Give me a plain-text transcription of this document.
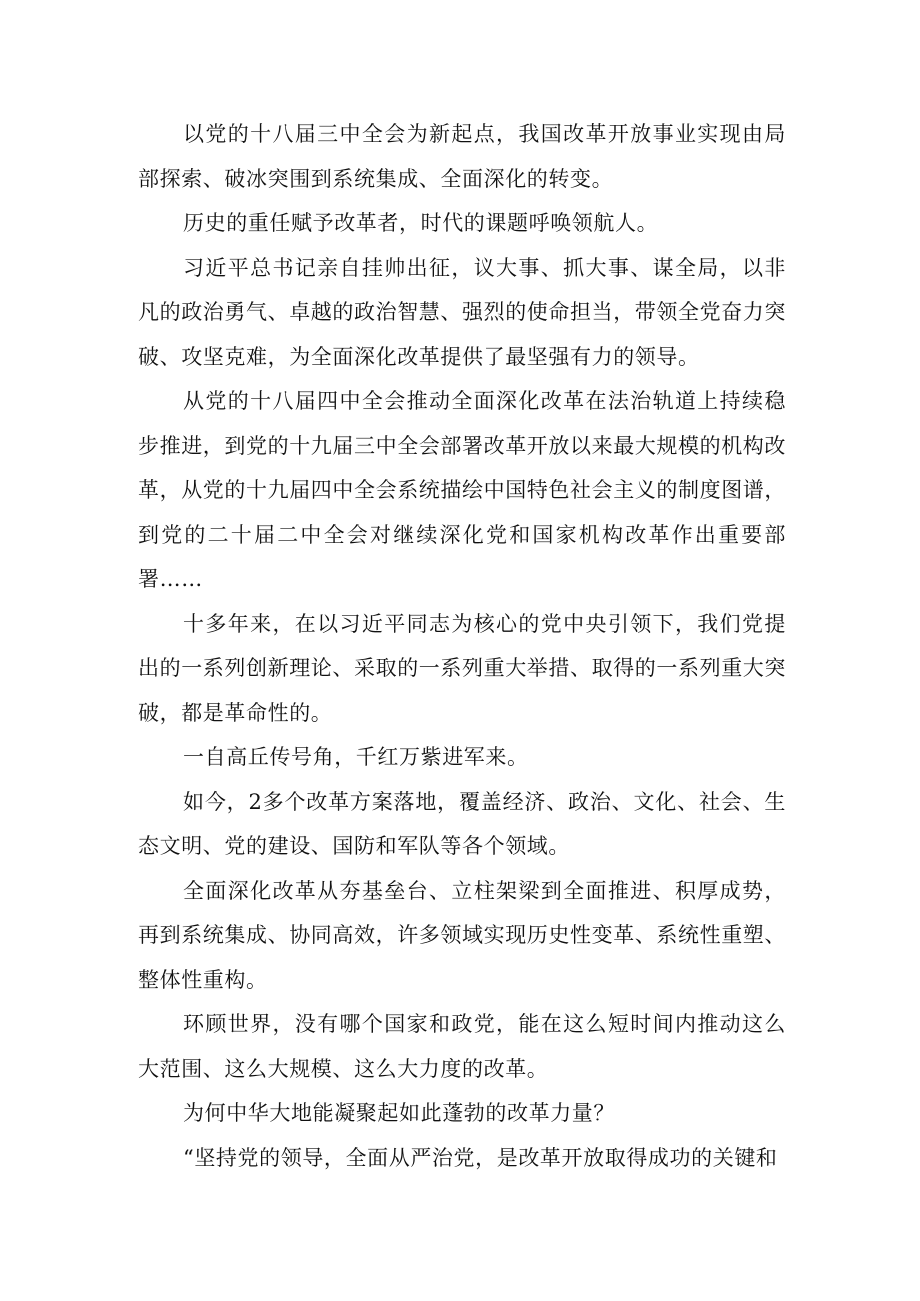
以党的十八届三中全会为新起点，我国改革开放事业实现由局部探索、破冰突围到系统集成、全面深化的转变。

历史的重任赋予改革者，时代的课题呼唤领航人。

习近平总书记亲自挂帅出征，议大事、抓大事、谋全局，以非凡的政治勇气、卓越的政治智慧、强烈的使命担当，带领全党奋力突破、攻坚克难，为全面深化改革提供了最坚强有力的领导。

从党的十八届四中全会推动全面深化改革在法治轨道上持续稳步推进，到党的十九届三中全会部署改革开放以来最大规模的机构改革，从党的十九届四中全会系统描绘中国特色社会主义的制度图谱，到党的二十届二中全会对继续深化党和国家机构改革作出重要部署……

十多年来，在以习近平同志为核心的党中央引领下，我们党提出的一系列创新理论、采取的一系列重大举措、取得的一系列重大突破，都是革命性的。

一自高丘传号角，千红万紫进军来。

如今，2多个改革方案落地，覆盖经济、政治、文化、社会、生态文明、党的建设、国防和军队等各个领域。

全面深化改革从夯基垒台、立柱架梁到全面推进、积厚成势，再到系统集成、协同高效，许多领域实现历史性变革、系统性重塑、整体性重构。

环顾世界，没有哪个国家和政党，能在这么短时间内推动这么大范围、这么大规模、这么大力度的改革。

为何中华大地能凝聚起如此蓬勃的改革力量？

“坚持党的领导，全面从严治党，是改革开放取得成功的关键和
